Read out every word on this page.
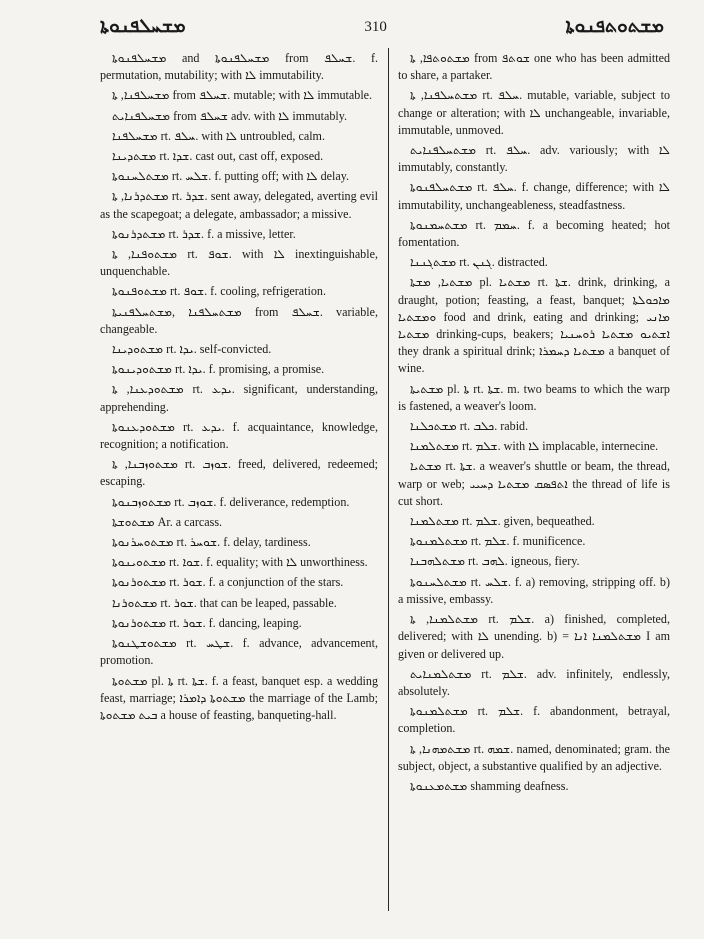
ܡܫܚܠܦܢܘܬܐ	310	ܡܫܬܘܬܦܢܘܬܐ
ܡܫܚܠܦܢܘܬܐ and ܡܫܚܠܦܢܘܬܐ from ܫܚܠܦ. f. permutation, mutability; with ܠܐ immutability.
ܡܫܚܠܦܢܐ, ܬܐ from ܫܚܠܦ. mutable; with ܠܐ immutable.
ܡܫܚܠܦܢܐܝܬ from ܫܚܠܦ adv. with ܠܐ immutably.
ܡܫܚܠܦܢܐ rt. ܚܠܦ. with ܠܐ untroubled, calm.
ܡܫܬܕܝܢܐ rt. ܫܕܐ. cast out, cast off, exposed.
ܡܫܬܠܚܢܘܬܐ rt. ܫܠܚ. f. putting off; with ܠܐ delay.
ܡܫܬܕܪܢܐ, ܬܐ rt. ܫܕܪ. sent away, delegated, averting evil as the scapegoat; a delegate, ambassador; a missive.
ܡܫܬܕܪܢܘܬܐ rt. ܫܕܪ. f. a missive, letter.
ܡܫܬܘܦܢܐ, ܬܐ rt. ܫܘܦ. with ܠܐ inextinguishable, unquenchable.
ܡܫܬܘܦܢܘܬܐ rt. ܫܘܦ. f. cooling, refrigeration.
ܡܫܬܚܠܦܢܐ ,ܡܫܬܚܠܦܢܝܬܐ from ܫܚܠܦ. variable, changeable.
ܡܫܬܘܕܝܢܐ rt. ܝܕܐ. self-convicted.
ܡܫܬܘܕܝܢܘܬܐ rt. ܝܕܐ. f. promising, a promise.
ܡܫܬܘܕܥܢܐ, ܬܐ rt. ܝܕܥ. significant, understanding, apprehending.
ܡܫܬܘܕܥܢܘܬܐ rt. ܝܕܥ. f. acquaintance, knowledge, recognition; a notification.
ܡܫܬܘܙܒܢܐ, ܬܐ rt. ܫܘܙܒ. freed, delivered, redeemed; escaping.
ܡܫܬܘܙܒܢܘܬܐ rt. ܫܘܙܒ. f. deliverance, redemption.
ܡܫܬܘܫܬܐ Ar. a carcass.
ܡܫܬܘܚܪܢܘܬܐ rt. ܫܘܚܪ. f. delay, tardiness.
ܡܫܬܘܝܢܘܬܐ rt. ܫܘܐ. f. equality; with ܠܐ unworthiness.
ܡܫܬܘܪܢܘܬܐ rt. ܫܘܪ. f. a conjunction of the stars.
ܡܫܬܘܪܢܐ rt. ܫܘܪ. that can be leaped, passable.
ܡܫܬܘܪܢܘܬܐ rt. ܫܘܪ. f. dancing, leaping.
ܡܫܬܘܫܛܢܘܬܐ rt. ܫܛܚ. f. advance, advancement, promotion.
ܡܫܬܘܬܐ pl. ܬܐ rt. ܫܬܐ. f. a feast, banquet esp. a wedding feast, marriage; ܡܫܬܘܬܐ ܕܐܡܪܐ the marriage of the Lamb; ܒܝܬ ܡܫܬܘܬܐ a house of feasting, banqueting-hall.
ܡܫܬܘܬܦܐ, ܬܐ from ܫܘܬܦ one who has been admitted to share, a partaker.
ܡܫܬܚܠܦܢܐ, ܬܐ rt. ܚܠܦ. mutable, variable, subject to change or alteration; with ܠܐ unchangeable, invariable, immutable, unmoved.
ܡܫܬܚܠܦܢܐܝܬ rt. ܚܠܦ. adv. variously; with ܠܐ immutably, constantly.
ܡܫܬܚܠܦܢܘܬܐ rt. ܚܠܦ. f. change, difference; with ܠܐ immutability, unchangeableness, steadfastness.
ܡܫܬܚܡܢܘܬܐ rt. ܚܡܡ. f. a becoming heated; hot fomentation.
ܡܫܬܓܢܢܐ rt. ܓܢܢ. distracted.
ܡܫܬܝܐ, ܡܫܬܐ pl. ܡܫܬܝܐ rt. ܫܬܐ. drink, drinking, a draught, potion; feasting, a feast, banquet; ܡܐܟܘܠܬܐ ܘܡܫܬܝܐ food and drink, eating and drinking; ܡܐܢܝ ܡܫܬܝܐ drinking-cups, beakers; ܐܫܬܝܘ ܡܫܬܝܐ ܪܘܚܢܝܐ they drank a spiritual drink; ܡܫܬܝܐ ܕܚܡܪܐ a banquet of wine.
ܡܫܬܝܬܐ pl. ܬܐ rt. ܫܬܐ. m. two beams to which the warp is fastened, a weaver's loom.
ܡܫܬܟܠܢܐ rt. ܟܠܒ. rabid.
ܡܫܬܠܡܢܐ rt. ܫܠܡ. with ܠܐ implacable, internecine.
ܡܫܬܝܐ rt. ܫܬܐ. a weaver's shuttle or beam, the thread, warp or web; ܐܬܦܣܩ ܡܫܬܝܐ ܕܚܝܝ the thread of life is cut short.
ܡܫܬܠܡܢܐ rt. ܫܠܡ. given, bequeathed.
ܡܫܬܠܡܢܘܬܐ rt. ܫܠܡ. f. munificence.
ܡܫܬܠܗܒܢܐ rt. ܠܗܒ. igneous, fiery.
ܡܫܬܠܚܢܘܬܐ rt. ܫܠܚ. f. a) removing, stripping off. b) a missive, embassy.
ܡܫܬܠܡܢܐ, ܬܐ rt. ܫܠܡ. a) finished, completed, delivered; with ܠܐ unending. b) = ܡܫܬܠܡܢܐ ܐܢܐ I am given or delivered up.
ܡܫܬܠܡܢܐܝܬ rt. ܫܠܡ. adv. infinitely, endlessly, absolutely.
ܡܫܬܠܡܢܘܬܐ rt. ܫܠܡ. f. abandonment, betrayal, completion.
ܡܫܬܡܗܢܐ, ܬܐ rt. ܫܡܗ. named, denominated; gram. the subject, object, a substantive qualified by an adjective.
ܡܫܬܡܥܢܘܬܐ shamming deafness.
